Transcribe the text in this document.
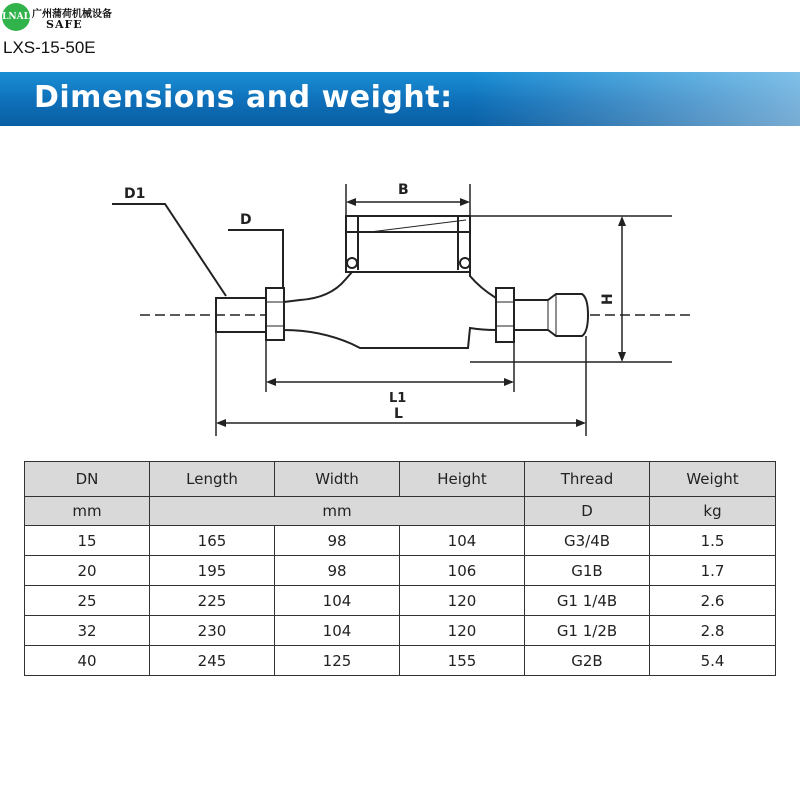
LNAL 广州蒲荷机械设备
SAFE
LXS-15-50E
Dimensions and weight:
D1
D
B
H
L1
L
DN	Length	Width	Height	Thread	Weight
mm	mm			D	kg
15	165	98	104	G3/4B	1.5
20	195	98	106	G1B	1.7
25	225	104	120	G1 1/4B	2.6
32	230	104	120	G1 1/2B	2.8
40	245	125	155	G2B	5.4
